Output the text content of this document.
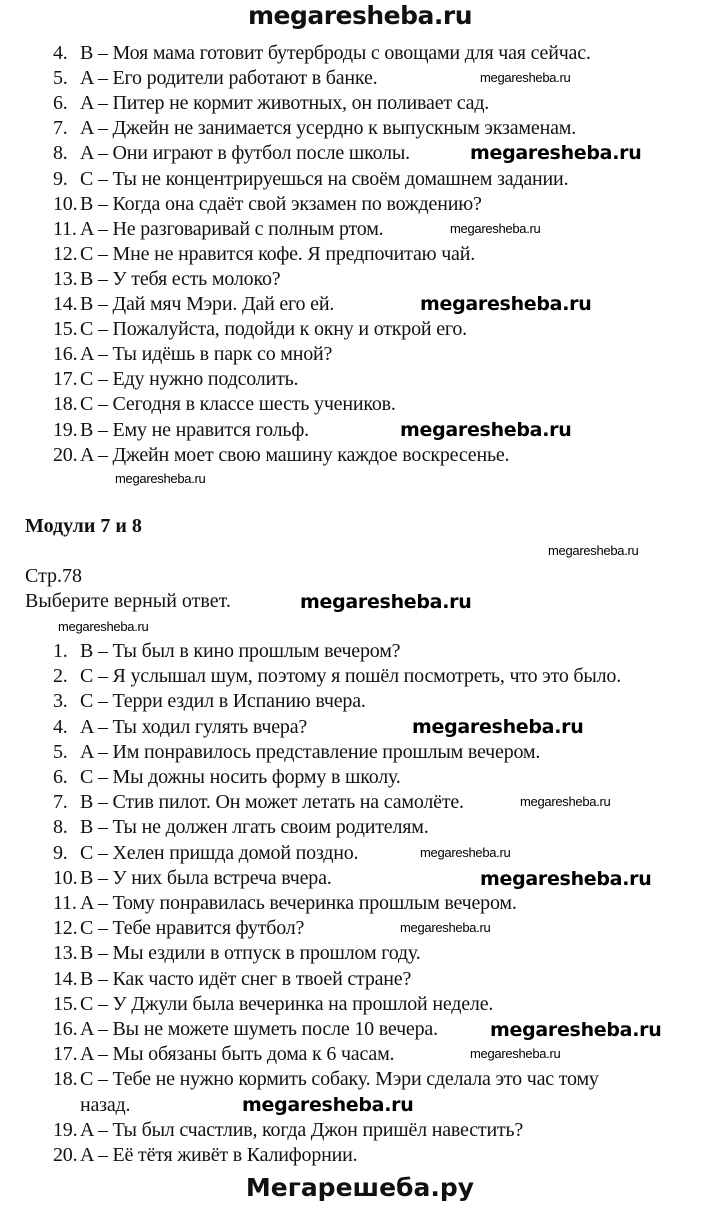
megaresheba.ru
4. B – Моя мама готовит бутерброды с овощами для чая сейчас.
5. A – Его родители работают в банке.
6. A – Питер не кормит животных, он поливает сад.
7. A – Джейн не занимается усердно к выпускным экзаменам.
8. A – Они играют в футбол после школы.
9. C – Ты не концентрируешься на своём домашнем задании.
10. B – Когда она сдаёт свой экзамен по вождению?
11. A – Не разговаривай с полным ртом.
12. C – Мне не нравится кофе. Я предпочитаю чай.
13. B – У тебя есть молоко?
14. B – Дай мяч Мэри. Дай его ей.
15. C – Пожалуйста, подойди к окну и открой его.
16. A – Ты идёшь в парк со мной?
17. C – Еду нужно подсолить.
18. C – Сегодня в классе шесть учеников.
19. B – Ему не нравится гольф.
20. A – Джейн моет свою машину каждое воскресенье.
Модули 7 и 8
Стр.78
Выберите верный ответ.
1. B – Ты был в кино прошлым вечером?
2. C – Я услышал шум, поэтому я пошёл посмотреть, что это было.
3. C – Терри ездил в Испанию вчера.
4. A – Ты ходил гулять вчера?
5. A – Им понравилось представление прошлым вечером.
6. C – Мы дожны носить форму в школу.
7. B – Стив пилот. Он может летать на самолёте.
8. B – Ты не должен лгать своим родителям.
9. C – Хелен пришда домой поздно.
10. B – У них была встреча вчера.
11. A – Тому понравилась вечеринка прошлым вечером.
12. C – Тебе нравится футбол?
13. B – Мы ездили в отпуск в прошлом году.
14. B – Как часто идёт снег в твоей стране?
15. C – У Джули была вечеринка на прошлой неделе.
16. A – Вы не можете шуметь после 10 вечера.
17. A – Мы обязаны быть дома к 6 часам.
18. C – Тебе не нужно кормить собаку. Мэри сделала это час тому
назад.
19. A – Ты был счастлив, когда Джон пришёл навестить?
20. A – Её тётя живёт в Калифорнии.
megaresheba.ru
megaresheba.ru
megaresheba.ru
megaresheba.ru
megaresheba.ru
megaresheba.ru
megaresheba.ru
megaresheba.ru
megaresheba.ru
megaresheba.ru
megaresheba.ru
megaresheba.ru
megaresheba.ru
megaresheba.ru
megaresheba.ru
megaresheba.ru
megaresheba.ru
Мегарешеба.ру
